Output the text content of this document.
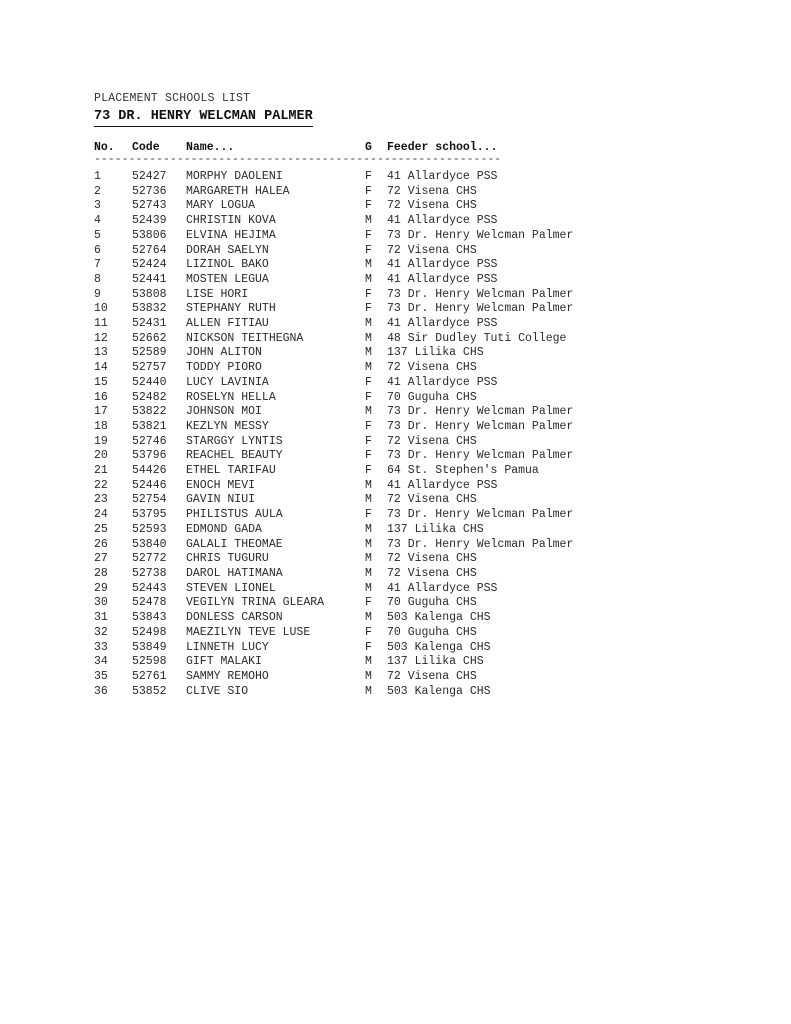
PLACEMENT SCHOOLS LIST
73 DR. HENRY WELCMAN PALMER
No.	Code	Name...	G	Feeder school...
-----------------------------------------------------------
1	52427	MORPHY DAOLENI	F	41 Allardyce PSS
2	52736	MARGARETH HALEA	F	72 Visena CHS
3	52743	MARY LOGUA	F	72 Visena CHS
4	52439	CHRISTIN KOVA	M	41 Allardyce PSS
5	53806	ELVINA HEJIMA	F	73 Dr. Henry Welcman Palmer
6	52764	DORAH SAELYN	F	72 Visena CHS
7	52424	LIZINOL BAKO	M	41 Allardyce PSS
8	52441	MOSTEN LEGUA	M	41 Allardyce PSS
9	53808	LISE HORI	F	73 Dr. Henry Welcman Palmer
10	53832	STEPHANY RUTH	F	73 Dr. Henry Welcman Palmer
11	52431	ALLEN FITIAU	M	41 Allardyce PSS
12	52662	NICKSON TEITHEGNA	M	48 Sir Dudley Tuti College
13	52589	JOHN ALITON	M	137 Lilika CHS
14	52757	TODDY PIORO	M	72 Visena CHS
15	52440	LUCY LAVINIA	F	41 Allardyce PSS
16	52482	ROSELYN HELLA	F	70 Guguha CHS
17	53822	JOHNSON MOI	M	73 Dr. Henry Welcman Palmer
18	53821	KEZLYN MESSY	F	73 Dr. Henry Welcman Palmer
19	52746	STARGGY LYNTIS	F	72 Visena CHS
20	53796	REACHEL BEAUTY	F	73 Dr. Henry Welcman Palmer
21	54426	ETHEL TARIFAU	F	64 St. Stephen's Pamua
22	52446	ENOCH MEVI	M	41 Allardyce PSS
23	52754	GAVIN NIUI	M	72 Visena CHS
24	53795	PHILISTUS AULA	F	73 Dr. Henry Welcman Palmer
25	52593	EDMOND GADA	M	137 Lilika CHS
26	53840	GALALI THEOMAE	M	73 Dr. Henry Welcman Palmer
27	52772	CHRIS TUGURU	M	72 Visena CHS
28	52738	DAROL HATIMANA	M	72 Visena CHS
29	52443	STEVEN LIONEL	M	41 Allardyce PSS
30	52478	VEGILYN TRINA GLEARA	F	70 Guguha CHS
31	53843	DONLESS CARSON	M	503 Kalenga CHS
32	52498	MAEZILYN TEVE LUSE	F	70 Guguha CHS
33	53849	LINNETH LUCY	F	503 Kalenga CHS
34	52598	GIFT MALAKI	M	137 Lilika CHS
35	52761	SAMMY REMOHO	M	72 Visena CHS
36	53852	CLIVE SIO	M	503 Kalenga CHS
